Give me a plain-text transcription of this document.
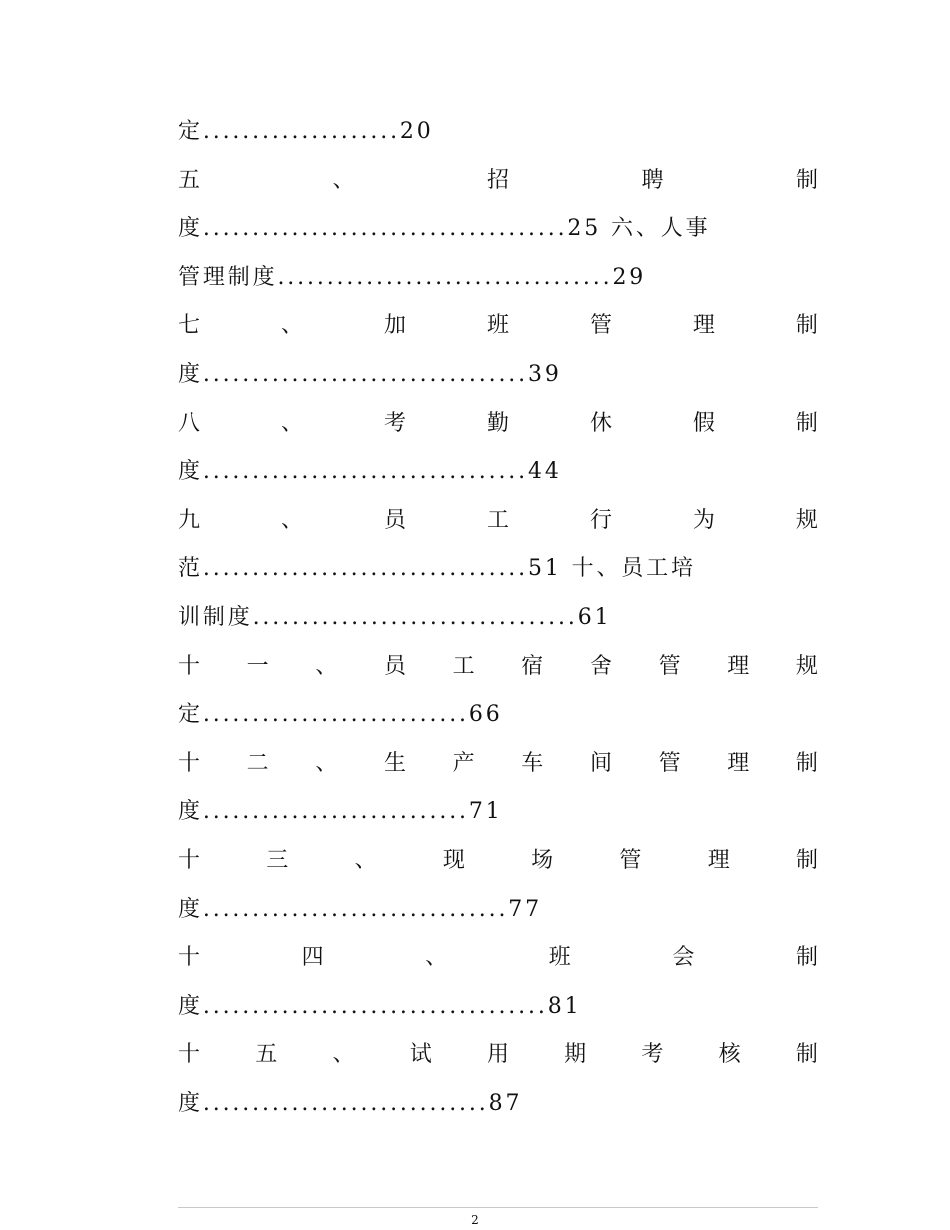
定....................20
五	、	招	聘	制
度.....................................25 六、人事
管理制度..................................29
七	、	加	班	管	理	制
度.................................39
八	、	考	勤	休	假	制
度.................................44
九	、	员	工	行	为	规
范.................................51 十、员工培
训制度.................................61
十 一 、 员 工 宿 舍 管 理 规
定...........................66
十 二 、 生 产 车 间 管 理 制
度...........................71
十	三	、	现	场	管	理	制
度...............................77
十	四	、	班	会	制
度...................................81
十	五	、	试	用	期	考	核	制
度.............................87
2
